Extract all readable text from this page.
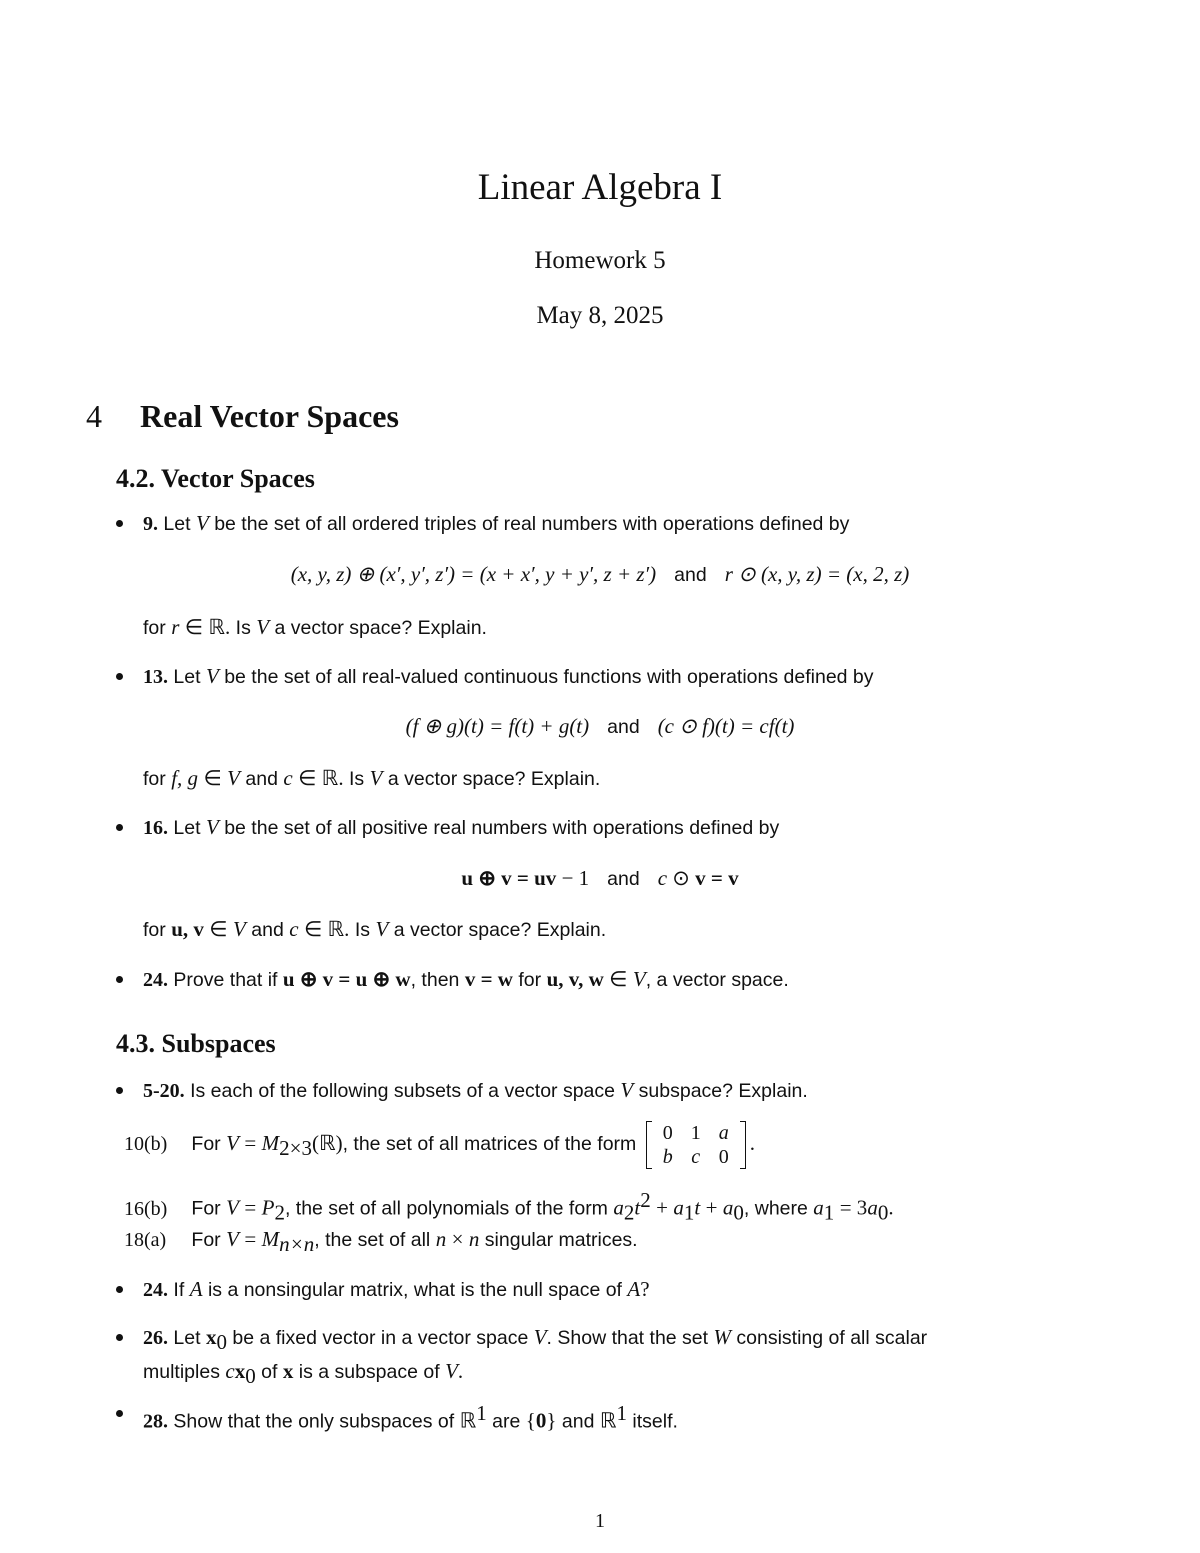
Linear Algebra I
Homework 5
May 8, 2025
4 Real Vector Spaces
4.2. Vector Spaces
9. Let V be the set of all ordered triples of real numbers with operations defined by
(x, y, z) ⊕ (x′, y′, z′) = (x + x′, y + y′, z + z′) and r ⊙ (x, y, z) = (x, 2, z)
for r ∈ ℝ. Is V a vector space? Explain.
13. Let V be the set of all real-valued continuous functions with operations defined by
(f ⊕ g)(t) = f(t) + g(t) and (c ⊙ f)(t) = cf(t)
for f, g ∈ V and c ∈ ℝ. Is V a vector space? Explain.
16. Let V be the set of all positive real numbers with operations defined by
u ⊕ v = uv − 1 and c ⊙ v = v
for u, v ∈ V and c ∈ ℝ. Is V a vector space? Explain.
24. Prove that if u ⊕ v = u ⊕ w, then v = w for u, v, w ∈ V, a vector space.
4.3. Subspaces
5-20. Is each of the following subsets of a vector space V subspace? Explain.
10(b) For $V = M_{2\times 3}(ℝ)$, the set of all matrices of the form
0	1	a
b	c	0
.
16(b) For $V = P_2$, the set of all polynomials of the form $a_2t^2 + a_1t + a_0$, where $a_1 = 3a_0$.
18(a) For $V = M_{n\times n}$, the set of all n × n singular matrices.
24. If A is a nonsingular matrix, what is the null space of A?
26. Let $x_0$ be a fixed vector in a vector space V. Show that the set W consisting of all scalar
multiples $cx_0$ of x is a subspace of V.
28. Show that the only subspaces of ℝ$^1$ are {0} and ℝ$^1$ itself.
1
